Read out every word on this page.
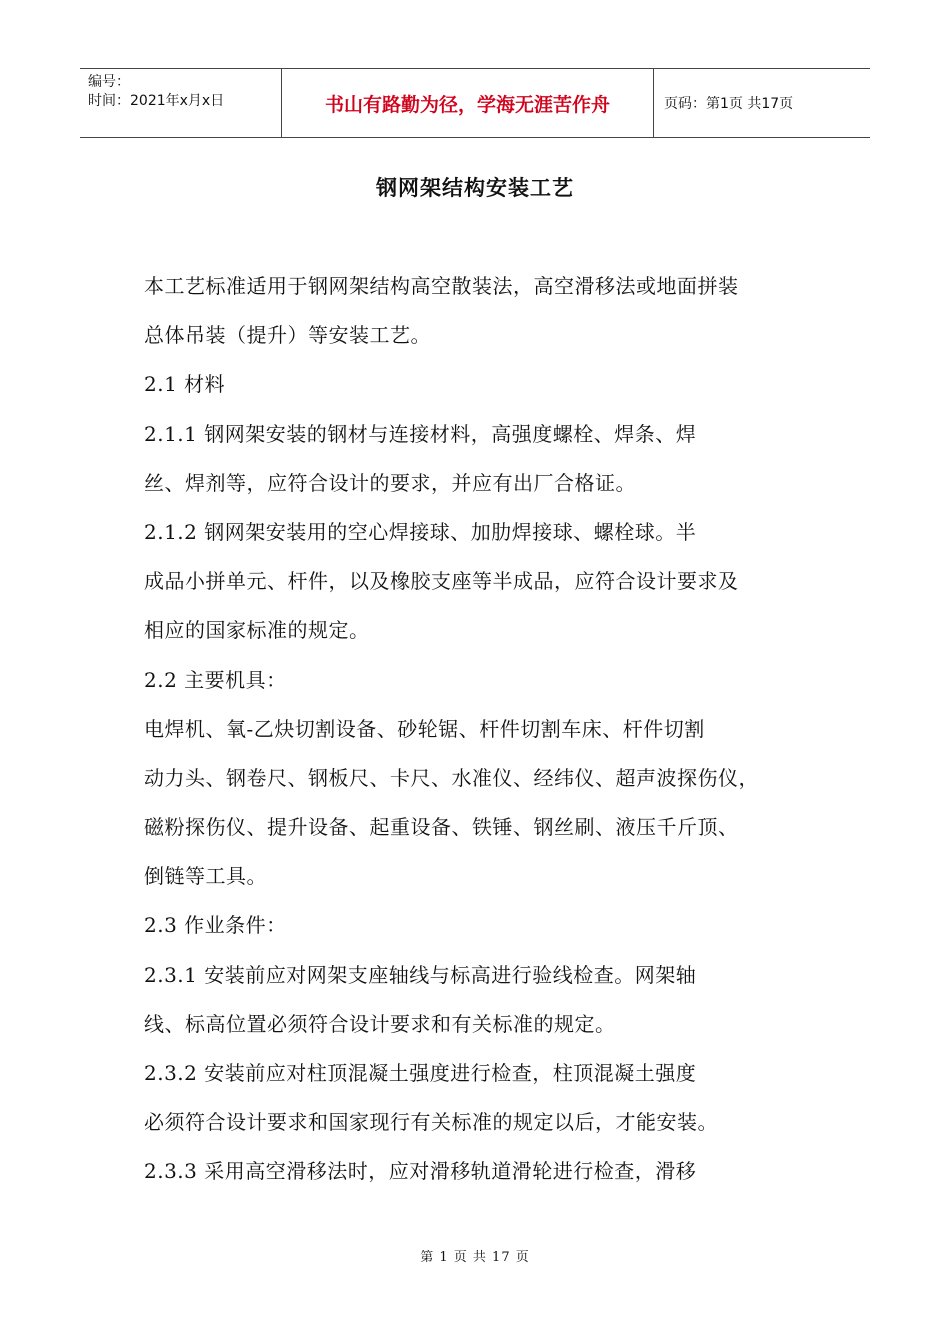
编号：
时间：2021年x月x日	书山有路勤为径，学海无涯苦作舟	页码：第1页 共17页
钢网架结构安装工艺
本工艺标准适用于钢网架结构高空散装法，高空滑移法或地面拼装
总体吊装（提升）等安装工艺。
2.1 材料
2.1.1 钢网架安装的钢材与连接材料，高强度螺栓、焊条、焊
丝、焊剂等，应符合设计的要求，并应有出厂合格证。
2.1.2 钢网架安装用的空心焊接球、加肋焊接球、螺栓球。半
成品小拼单元、杆件，以及橡胶支座等半成品，应符合设计要求及
相应的国家标准的规定。
2.2 主要机具：
电焊机、氧-乙炔切割设备、砂轮锯、杆件切割车床、杆件切割
动力头、钢卷尺、钢板尺、卡尺、水准仪、经纬仪、超声波探伤仪，
磁粉探伤仪、提升设备、起重设备、铁锤、钢丝刷、液压千斤顶、
倒链等工具。
2.3 作业条件：
2.3.1 安装前应对网架支座轴线与标高进行验线检查。网架轴
线、标高位置必须符合设计要求和有关标准的规定。
2.3.2 安装前应对柱顶混凝土强度进行检查，柱顶混凝土强度
必须符合设计要求和国家现行有关标准的规定以后，才能安装。
2.3.3 采用高空滑移法时，应对滑移轨道滑轮进行检查，滑移
第 1 页 共 17 页
